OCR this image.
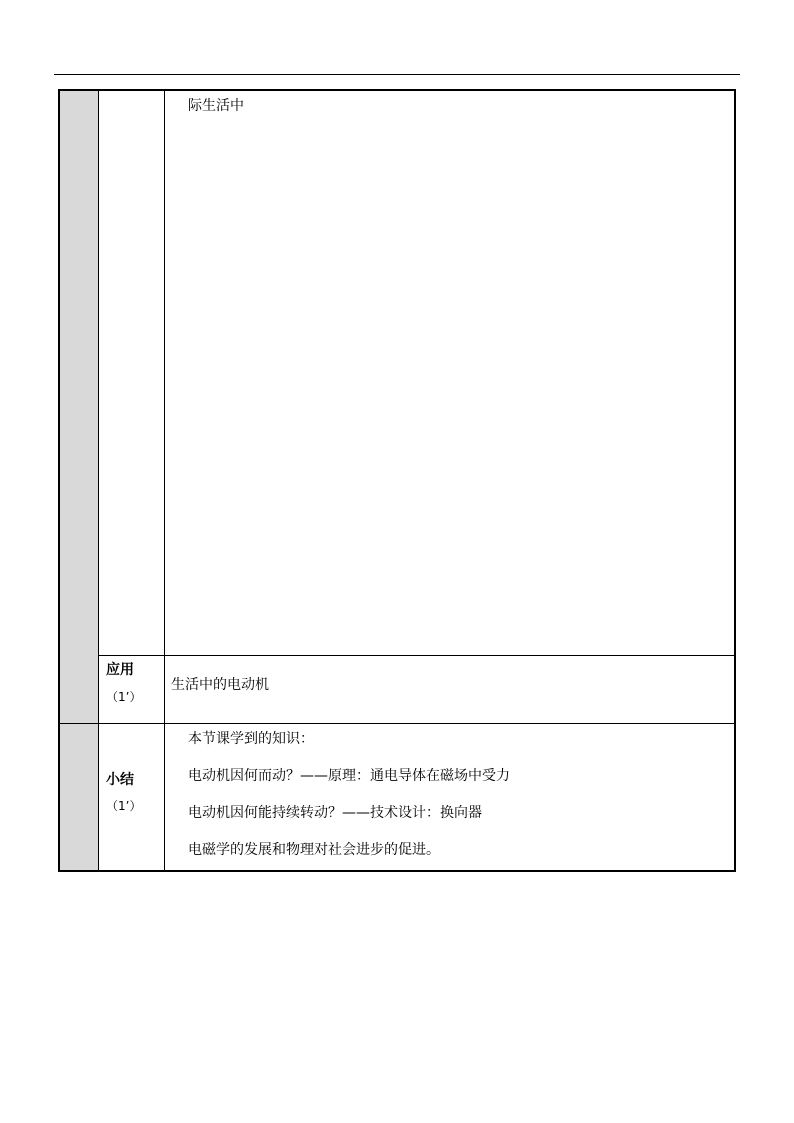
际生活中
应用
（1’）
生活中的电动机
小结
（1’）
本节课学到的知识：
电动机因何而动？——原理：通电导体在磁场中受力
电动机因何能持续转动？——技术设计：换向器
电磁学的发展和物理对社会进步的促进。
